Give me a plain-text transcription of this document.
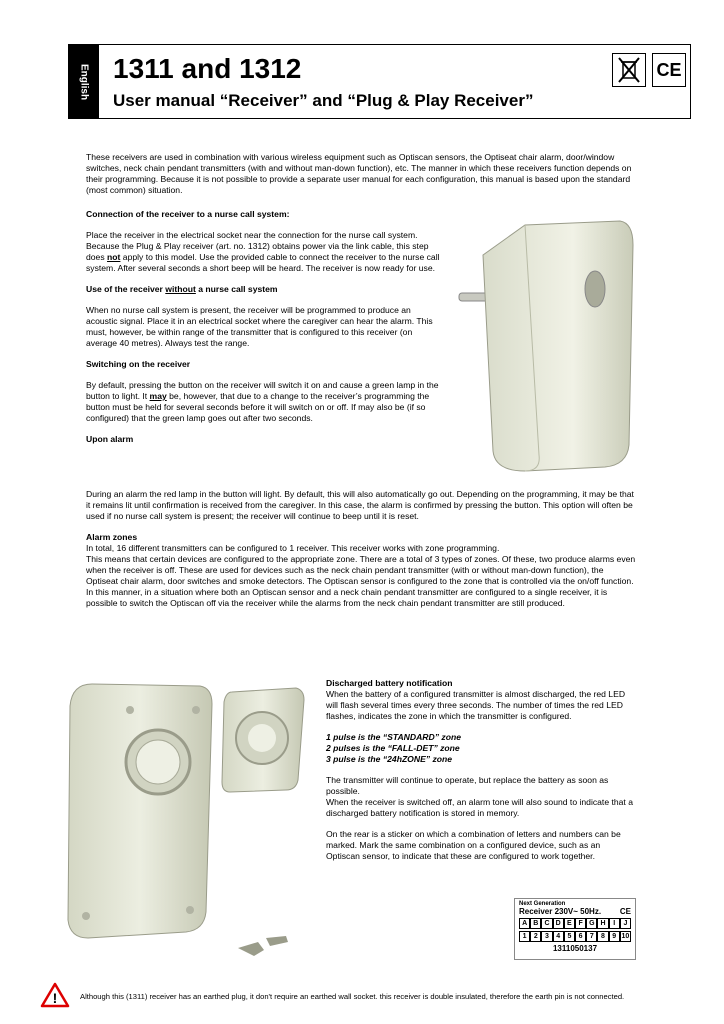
English 1311 and 1312
User manual “Receiver” and “Plug & Play Receiver”
CE

These receivers are used in combination with various wireless equipment such as Optiscan sensors, the Optiseat chair alarm, door/window switches, neck chain pendant transmitters (with and without man-down function), etc. The manner in which these receivers function depends on their programming. Because it is not possible to provide a separate user manual for each configuration, this manual is based upon the standard (most common) situation.

Connection of the receiver to a nurse call system:

Place the receiver in the electrical socket near the connection for the nurse call system. Because the Plug & Play receiver (art. no. 1312) obtains power via the link cable, this step does not apply to this model. Use the provided cable to connect the receiver to the nurse call system. After several seconds a short beep will be heard. The receiver is now ready for use.

Use of the receiver without a nurse call system

When no nurse call system is present, the receiver will be programmed to produce an acoustic signal. Place it in an electrical socket where the caregiver can hear the alarm. This must, however, be within range of the transmitter that is configured to this receiver (on average 40 metres). Always test the range.

Switching on the receiver

By default, pressing the button on the receiver will switch it on and cause a green lamp in the button to light. It may be, however, that due to a change to the receiver’s programming the button must be held for several seconds before it will switch on or off. If may also be (if so configured) that the green lamp goes out after two seconds.

Upon alarm

During an alarm the red lamp in the button will light. By default, this will also automatically go out. Depending on the programming, it may be that it remains lit until confirmation is received from the caregiver. In this case, the alarm is confirmed by pressing the button. This option will often be used if no nurse call system is present; the receiver will continue to beep until it is reset.

Alarm zones
In total, 16 different transmitters can be configured to 1 receiver. This receiver works with zone programming.
This means that certain devices are configured to the appropriate zone. There are a total of 3 types of zones. Of these, two produce alarms even when the receiver is off. These are used for devices such as the neck chain pendant transmitter (with or without man-down function), the Optiseat chair alarm, door switches and smoke detectors. The Optiscan sensor is configured to the zone that is controlled via the on/off function. In this manner, in a situation where both an Optiscan sensor and a neck chain pendant transmitter are configured to a single receiver, it is possible to switch the Optiscan off via the receiver while the alarms from the neck chain pendant transmitter are still produced.
Discharged battery notification

When the battery of a configured transmitter is almost discharged, the red LED will flash several times every three seconds. The number of times the red LED flashes, indicates the zone in which the transmitter is configured.

1 pulse is the “STANDARD” zone
2 pulses is the “FALL-DET” zone
3 pulse is the “24hZONE” zone

The transmitter will continue to operate, but replace the battery as soon as possible.
When the receiver is switched off, an alarm tone will also sound to indicate that a discharged battery notification is stored in memory.

On the rear is a sticker on which a combination of letters and numbers can be marked. Mark the same combination on a configured device, such as an Optiscan sensor, to indicate that these are configured to work together.

Next Generation
Receiver 230V~ 50Hz. CE
A B C D E F G H	I	J
1	2	3	4	5	6	7	8	9 10
1311050137
!	Although this (1311) receiver has an earthed plug, it don't require an earthed wall socket. this receiver is double insulated, therefore the earth pin is not connected.
